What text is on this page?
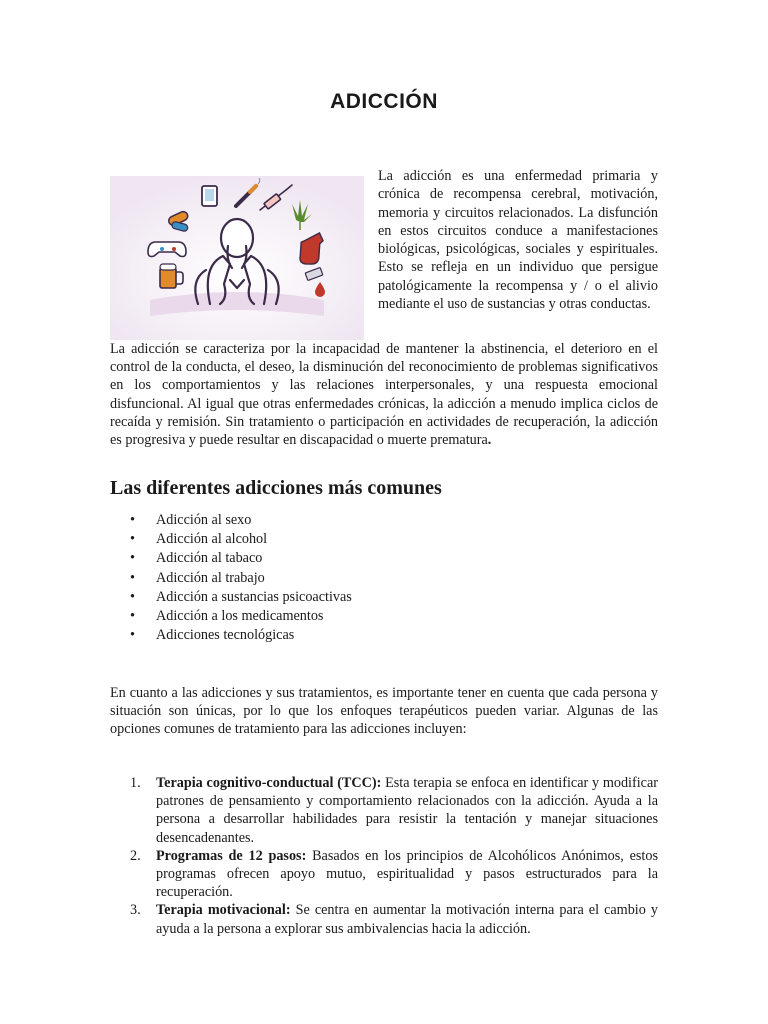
ADICCIÓN
La adicción es una enfermedad primaria y crónica de recompensa cerebral, motivación, memoria y circuitos relacionados. La disfunción en estos circuitos conduce a manifestaciones biológicas, psicológicas, sociales y espirituales. Esto se refleja en un individuo que persigue patológicamente la recompensa y / o el alivio mediante el uso de sustancias y otras conductas.
La adicción se caracteriza por la incapacidad de mantener la abstinencia, el deterioro en el control de la conducta, el deseo, la disminución del reconocimiento de problemas significativos en los comportamientos y las relaciones interpersonales, y una respuesta emocional disfuncional. Al igual que otras enfermedades crónicas, la adicción a menudo implica ciclos de recaída y remisión. Sin tratamiento o participación en actividades de recuperación, la adicción es progresiva y puede resultar en discapacidad o muerte prematura.
Las diferentes adicciones más comunes
• Adicción al sexo
• Adicción al alcohol
• Adicción al tabaco
• Adicción al trabajo
• Adicción a sustancias psicoactivas
• Adicción a los medicamentos
• Adicciones tecnológicas
En cuanto a las adicciones y sus tratamientos, es importante tener en cuenta que cada persona y situación son únicas, por lo que los enfoques terapéuticos pueden variar. Algunas de las opciones comunes de tratamiento para las adicciones incluyen:
1. Terapia cognitivo-conductual (TCC): Esta terapia se enfoca en identificar y modificar patrones de pensamiento y comportamiento relacionados con la adicción. Ayuda a la persona a desarrollar habilidades para resistir la tentación y manejar situaciones desencadenantes.
2. Programas de 12 pasos: Basados en los principios de Alcohólicos Anónimos, estos programas ofrecen apoyo mutuo, espiritualidad y pasos estructurados para la recuperación.
3. Terapia motivacional: Se centra en aumentar la motivación interna para el cambio y ayuda a la persona a explorar sus ambivalencias hacia la adicción.
